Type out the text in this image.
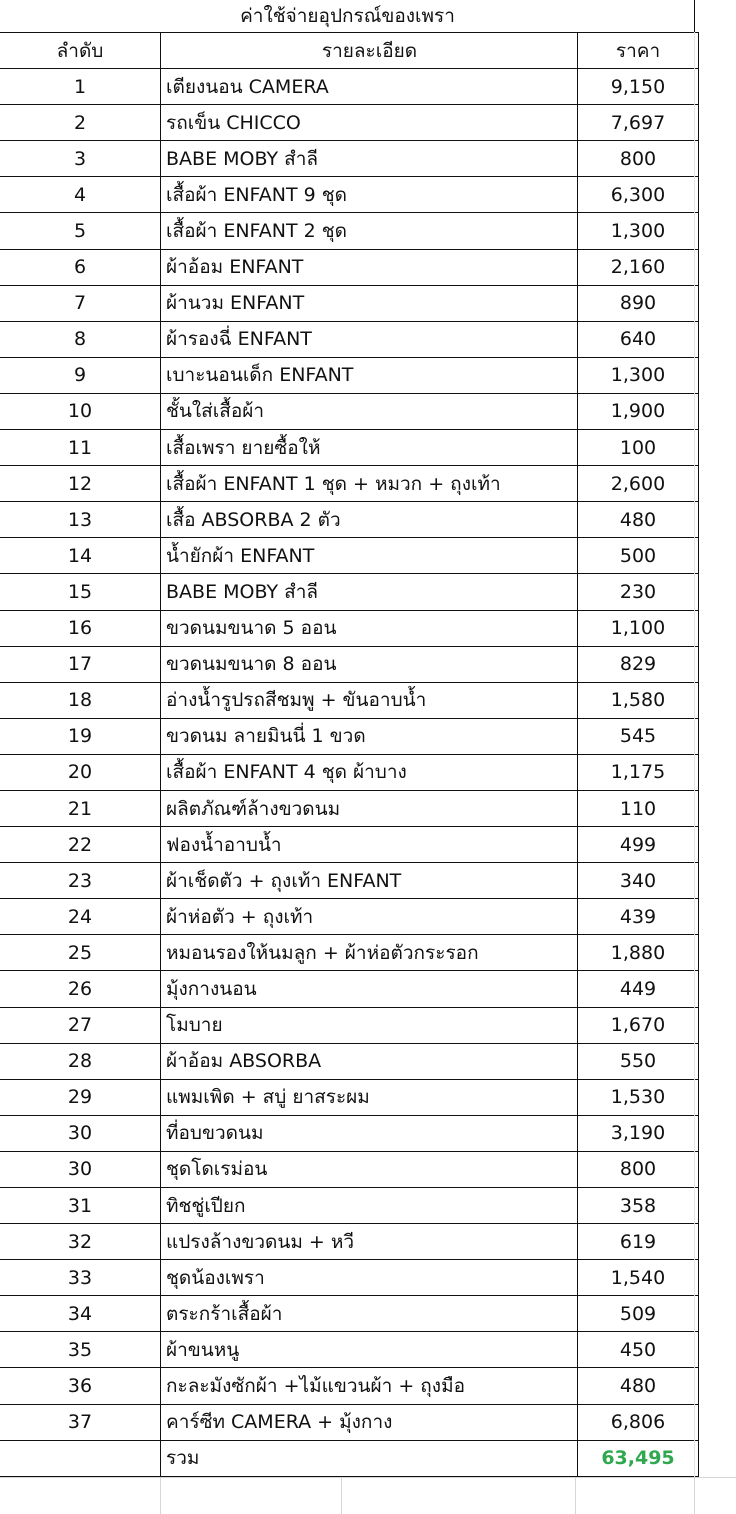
ค่าใช้จ่ายอุปกรณ์ของเพรา
ลำดับ	รายละเอียด	ราคา
1	เตียงนอน CAMERA	9,150
2	รถเข็น CHICCO	7,697
3	BABE MOBY สำลี	800
4	เสื้อผ้า ENFANT 9 ชุด	6,300
5	เสื้อผ้า ENFANT 2 ชุด	1,300
6	ผ้าอ้อม ENFANT	2,160
7	ผ้านวม ENFANT	890
8	ผ้ารองฉี่ ENFANT	640
9	เบาะนอนเด็ก ENFANT	1,300
10	ชั้นใส่เสื้อผ้า	1,900
11	เสื้อเพรา ยายซื้อให้	100
12	เสื้อผ้า ENFANT 1 ชุด + หมวก + ถุงเท้า	2,600
13	เสื้อ ABSORBA 2 ตัว	480
14	น้ำยักผ้า ENFANT	500
15	BABE MOBY สำลี	230
16	ขวดนมขนาด 5 ออน	1,100
17	ขวดนมขนาด 8 ออน	829
18	อ่างน้ำรูปรถสีชมพู + ขันอาบน้ำ	1,580
19	ขวดนม ลายมินนี่ 1 ขวด	545
20	เสื้อผ้า ENFANT 4 ชุด ผ้าบาง	1,175
21	ผลิตภัณฑ์ล้างขวดนม	110
22	ฟองน้ำอาบน้ำ	499
23	ผ้าเช็ดตัว + ถุงเท้า ENFANT	340
24	ผ้าห่อตัว + ถุงเท้า	439
25	หมอนรองให้นมลูก + ผ้าห่อตัวกระรอก	1,880
26	มุ้งกางนอน	449
27	โมบาย	1,670
28	ผ้าอ้อม ABSORBA	550
29	แพมเพิด + สบู่ ยาสระผม	1,530
30	ที่อบขวดนม	3,190
30	ชุดโดเรม่อน	800
31	ทิชชู่เปียก	358
32	แปรงล้างขวดนม + หวี	619
33	ชุดน้องเพรา	1,540
34	ตระกร้าเสื้อผ้า	509
35	ผ้าขนหนู	450
36	กะละมังซักผ้า +ไม้แขวนผ้า + ถุงมือ	480
37	คาร์ซีท CAMERA + มุ้งกาง	6,806
	รวม	63,495
